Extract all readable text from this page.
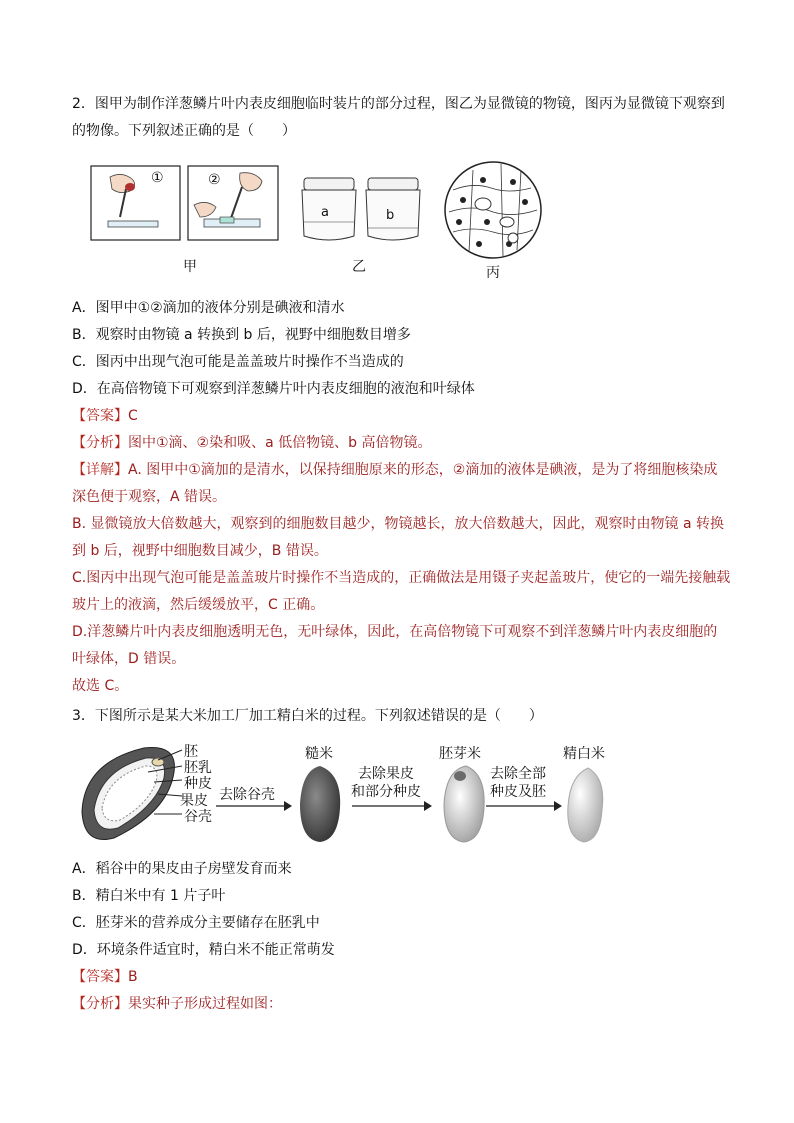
2．图甲为制作洋葱鳞片叶内表皮细胞临时装片的部分过程，图乙为显微镜的物镜，图丙为显微镜下观察到
的物像。下列叙述正确的是（　　）
①	②
甲
a	b
乙	丙
A．图甲中①②滴加的液体分别是碘液和清水
B．观察时由物镜 a 转换到 b 后，视野中细胞数目增多
C．图丙中出现气泡可能是盖盖玻片时操作不当造成的
D．在高倍物镜下可观察到洋葱鳞片叶内表皮细胞的液泡和叶绿体
【答案】C
【分析】图中①滴、②染和吸、a 低倍物镜、b 高倍物镜。
【详解】A. 图甲中①滴加的是清水，以保持细胞原来的形态，②滴加的液体是碘液，是为了将细胞核染成
深色便于观察，A 错误。
B. 显微镜放大倍数越大，观察到的细胞数目越少，物镜越长，放大倍数越大，因此，观察时由物镜 a 转换
到 b 后，视野中细胞数目减少，B 错误。
C.图丙中出现气泡可能是盖盖玻片时操作不当造成的，正确做法是用镊子夹起盖玻片，使它的一端先接触载
玻片上的液滴，然后缓缓放平，C 正确。
D.洋葱鳞片叶内表皮细胞透明无色，无叶绿体，因此，在高倍物镜下可观察不到洋葱鳞片叶内表皮细胞的
叶绿体，D 错误。
故选 C。
3．下图所示是某大米加工厂加工精白米的过程。下列叙述错误的是（　　）
胚
胚乳
种皮
果皮
谷壳
去除谷壳
糙米
去除果皮
和部分种皮
胚芽米
去除全部
种皮及胚
精白米
A．稻谷中的果皮由子房壁发育而来
B．精白米中有 1 片子叶
C．胚芽米的营养成分主要储存在胚乳中
D．环境条件适宜时，精白米不能正常萌发
【答案】B
【分析】果实种子形成过程如图：
